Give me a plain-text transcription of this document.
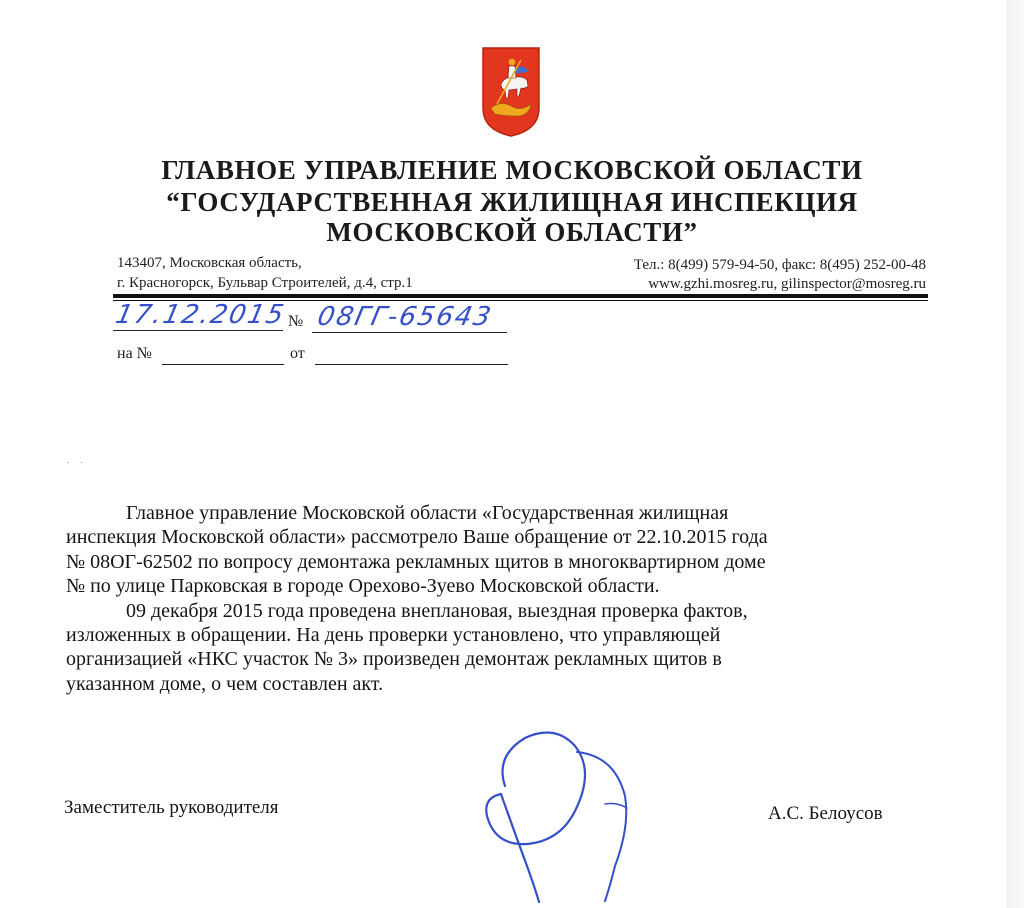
ГЛАВНОЕ УПРАВЛЕНИЕ МОСКОВСКОЙ ОБЛАСТИ
“ГОСУДАРСТВЕННАЯ ЖИЛИЩНАЯ ИНСПЕКЦИЯ
МОСКОВСКОЙ ОБЛАСТИ”
143407, Московская область,
г. Красногорск, Бульвар Строителей, д.4, стр.1
Тел.: 8(499) 579-94-50, факс: 8(495) 252-00-48
www.gzhi.mosreg.ru, gilinspector@mosreg.ru
17.12.2015 № 08ГГ-65643
на №	от
· ·

Главное управление Московской области «Государственная жилищная

инспекция Московской области» рассмотрело Ваше обращение от 22.10.2015 года

№ 08ОГ-62502 по вопросу демонтажа рекламных щитов в многоквартирном доме

№ по улице Парковская в городе Орехово-Зуево Московской области.

09 декабря 2015 года проведена внеплановая, выездная проверка фактов,

изложенных в обращении. На день проверки установлено, что управляющей

организацией «НКС участок № 3» произведен демонтаж рекламных щитов в

указанном доме, о чем составлен акт.

Заместитель руководителя	А.С. Белоусов
